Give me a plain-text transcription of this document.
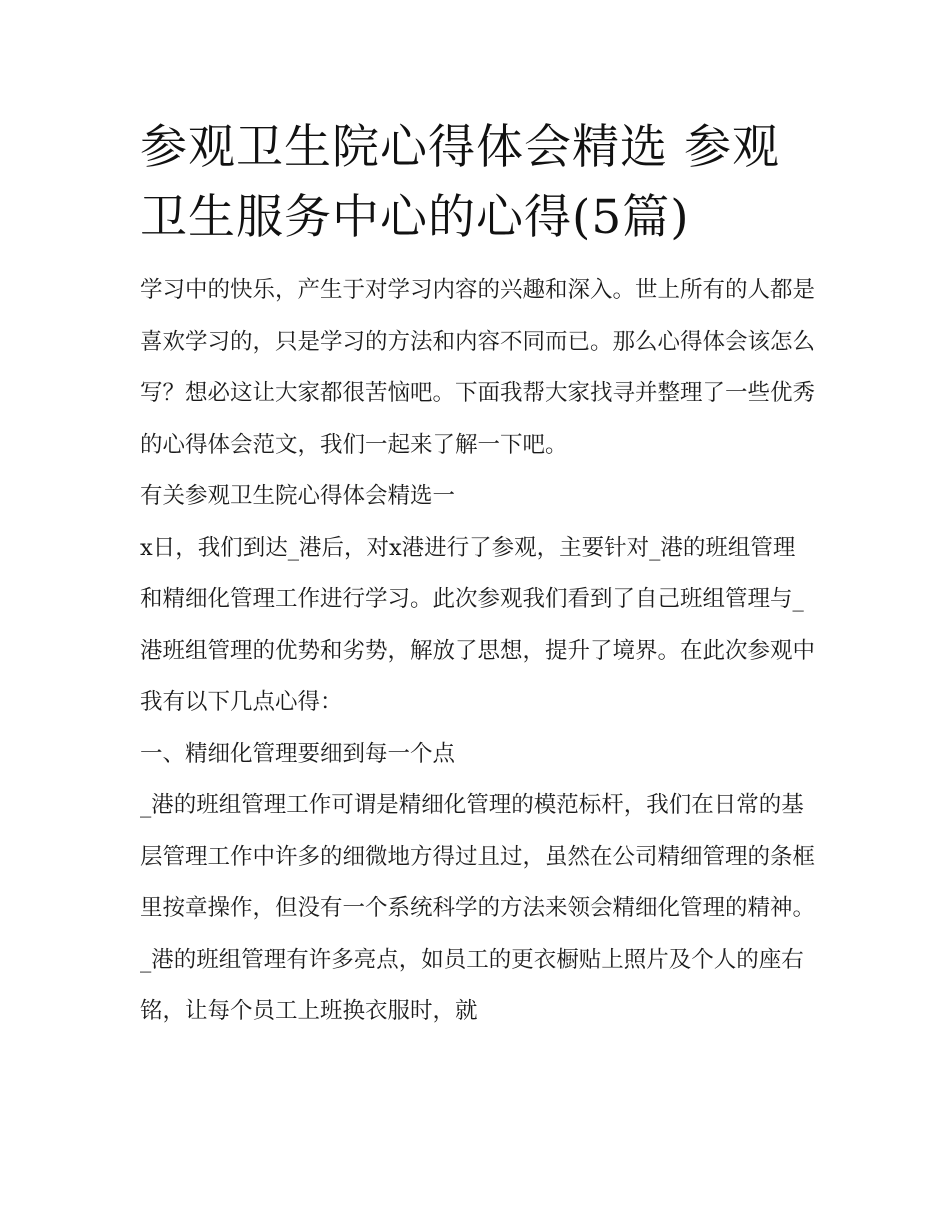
参观卫生院心得体会精选 参观卫生服务中心的心得(5篇)

学习中的快乐，产生于对学习内容的兴趣和深入。世上所有的人都是喜欢学习的，只是学习的方法和内容不同而已。那么心得体会该怎么写？想必这让大家都很苦恼吧。下面我帮大家找寻并整理了一些优秀的心得体会范文，我们一起来了解一下吧。

有关参观卫生院心得体会精选一

x日，我们到达_港后，对x港进行了参观，主要针对_港的班组管理和精细化管理工作进行学习。此次参观我们看到了自己班组管理与_港班组管理的优势和劣势，解放了思想，提升了境界。在此次参观中我有以下几点心得：

一、精细化管理要细到每一个点

_港的班组管理工作可谓是精细化管理的模范标杆，我们在日常的基层管理工作中许多的细微地方得过且过，虽然在公司精细管理的条框里按章操作，但没有一个系统科学的方法来领会精细化管理的精神。_港的班组管理有许多亮点，如员工的更衣橱贴上照片及个人的座右铭，让每个员工上班换衣服时，就
